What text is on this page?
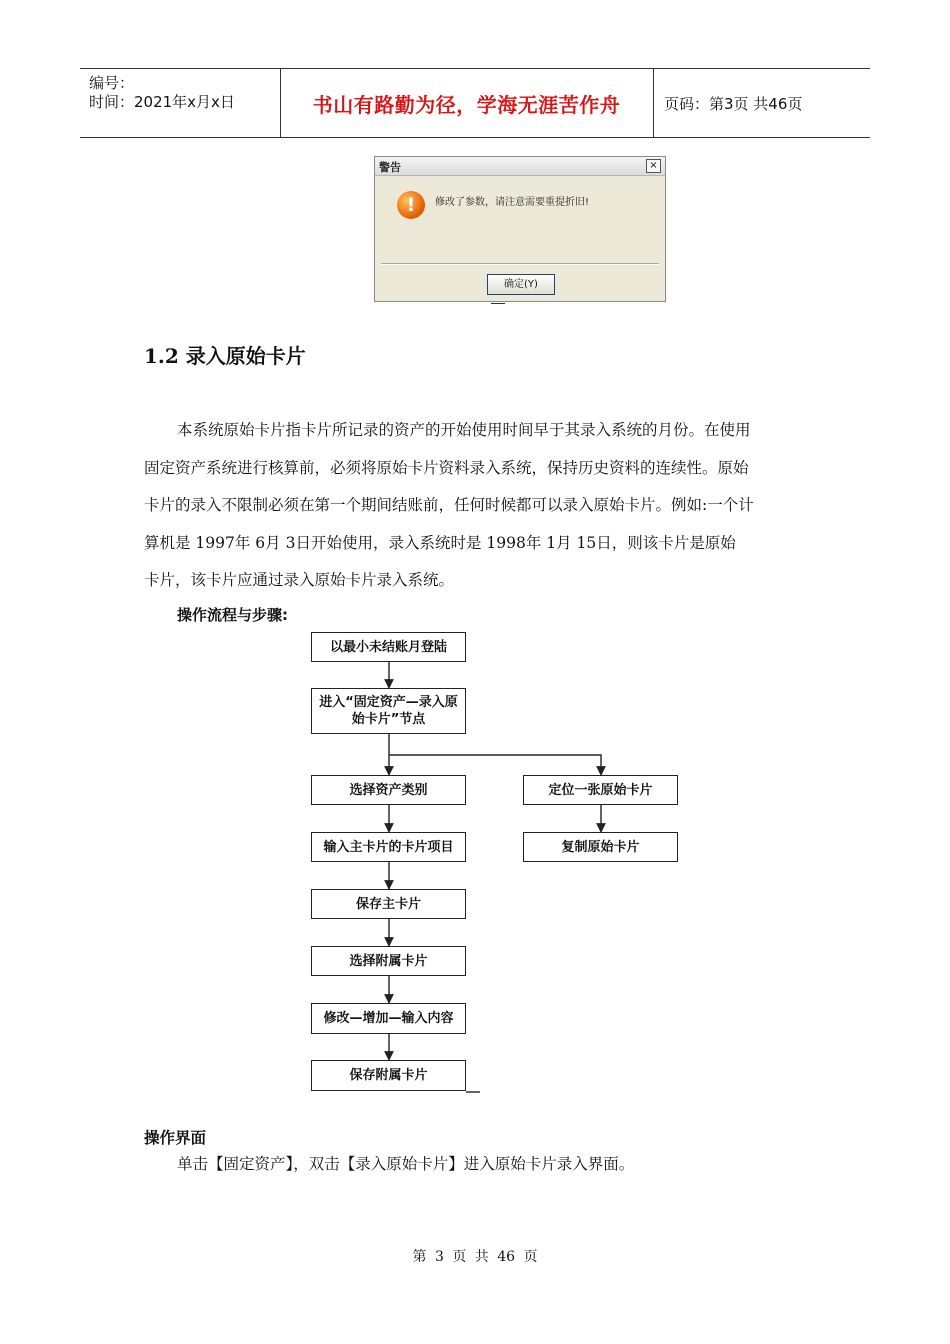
编号：
时间：2021年x月x日	书山有路勤为径，学海无涯苦作舟	页码：第3页 共46页
警告	×
!	修改了参数，请注意需要重提折旧!
确定(Y)
1.2 录入原始卡片
本系统原始卡片指卡片所记录的资产的开始使用时间早于其录入系统的月份。在使用
固定资产系统进行核算前，必须将原始卡片资料录入系统，保持历史资料的连续性。原始
卡片的录入不限制必须在第一个期间结账前，任何时候都可以录入原始卡片。例如:一个计
算机是 1997年 6月 3日开始使用，录入系统时是 1998年 1月 15日，则该卡片是原始
卡片，该卡片应通过录入原始卡片录入系统。
操作流程与步骤:
以最小未结账月登陆
进入“固定资产—录入原始卡片”节点
选择资产类别
输入主卡片的卡片项目
保存主卡片
选择附属卡片
修改—增加—输入内容
保存附属卡片
定位一张原始卡片
复制原始卡片
操作界面
单击【固定资产】，双击【录入原始卡片】进入原始卡片录入界面。
第 3 页 共 46 页
